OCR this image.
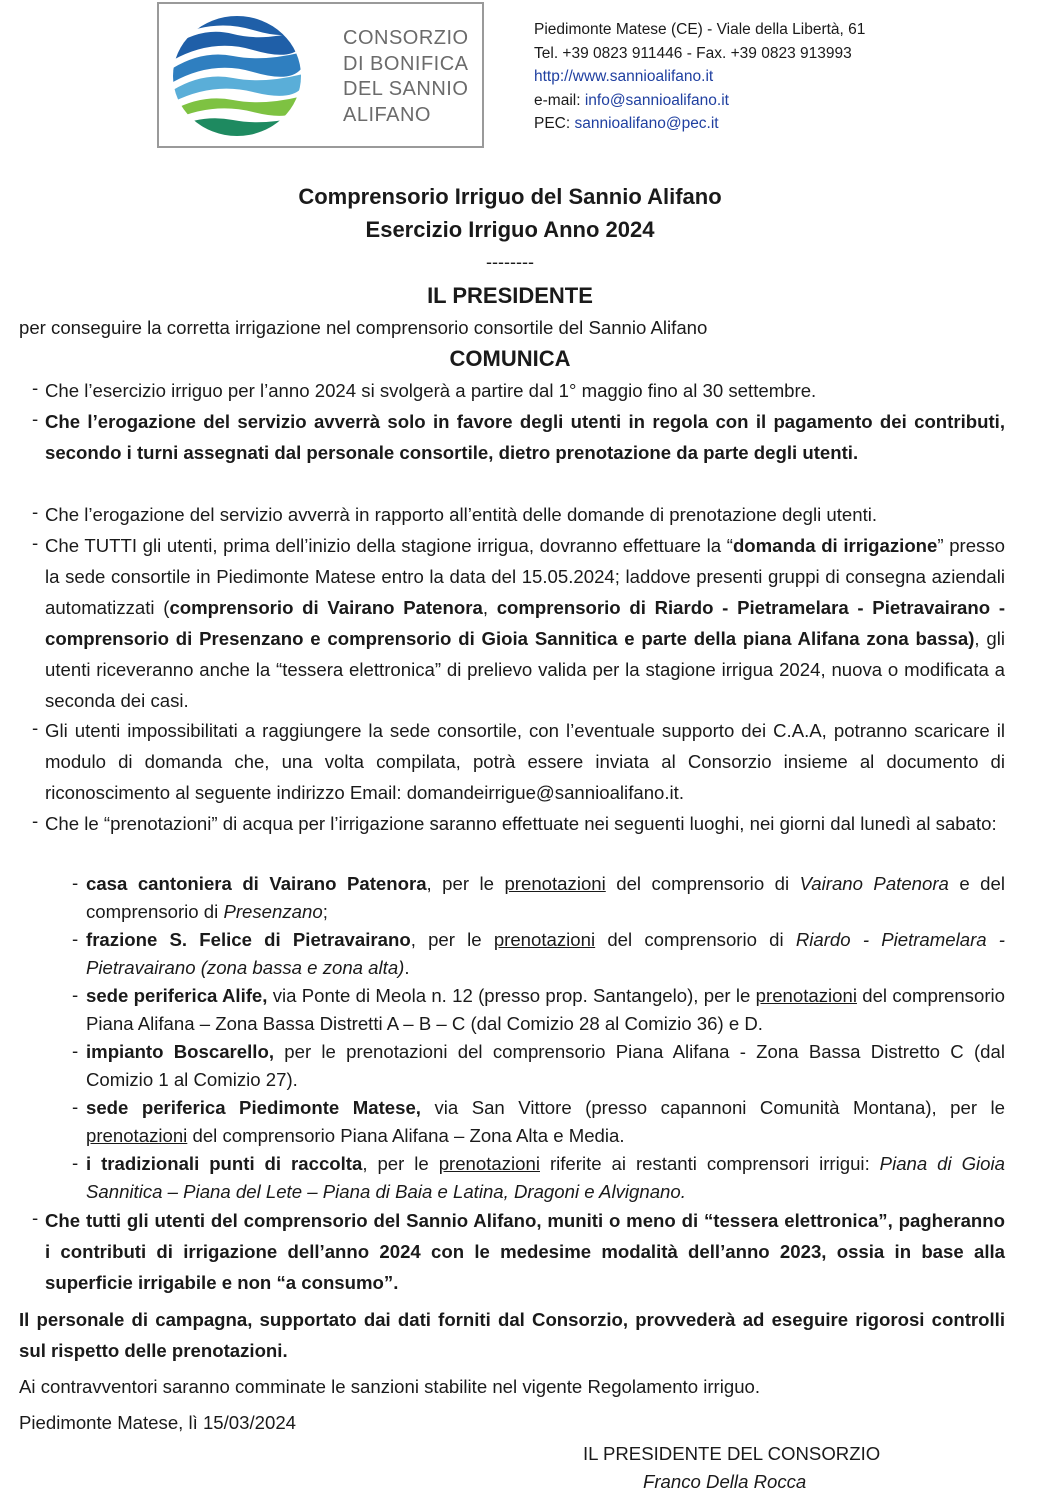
CONSORZIO
DI BONIFICA
DEL SANNIO
ALIFANO
Piedimonte Matese (CE) - Viale della Libertà, 61
Tel. +39 0823 911446 - Fax. +39 0823 913993
http://www.sannioalifano.it
e-mail: info@sannioalifano.it
PEC: sannioalifano@pec.it
Comprensorio Irriguo del Sannio Alifano
Esercizio Irriguo Anno 2024
--------
IL PRESIDENTE
per conseguire la corretta irrigazione nel comprensorio consortile del Sannio Alifano
COMUNICA
- Che l’esercizio irriguo per l’anno 2024 si svolgerà a partire dal 1° maggio fino al 30 settembre.
- Che l’erogazione del servizio avverrà solo in favore degli utenti in regola con il pagamento dei contributi, secondo i turni assegnati dal personale consortile, dietro prenotazione da parte degli utenti.
- Che l’erogazione del servizio avverrà in rapporto all’entità delle domande di prenotazione degli utenti.
- Che TUTTI gli utenti, prima dell’inizio della stagione irrigua, dovranno effettuare la “domanda di irrigazione” presso la sede consortile in Piedimonte Matese entro la data del 15.05.2024; laddove presenti gruppi di consegna aziendali automatizzati (comprensorio di Vairano Patenora, comprensorio di Riardo - Pietramelara - Pietravairano - comprensorio di Presenzano e comprensorio di Gioia Sannitica e parte della piana Alifana zona bassa), gli utenti riceveranno anche la “tessera elettronica” di prelievo valida per la stagione irrigua 2024, nuova o modificata a seconda dei casi.
- Gli utenti impossibilitati a raggiungere la sede consortile, con l’eventuale supporto dei C.A.A, potranno scaricare il modulo di domanda che, una volta compilata, potrà essere inviata al Consorzio insieme al documento di riconoscimento al seguente indirizzo Email: domandeirrigue@sannioalifano.it.
- Che le “prenotazioni” di acqua per l’irrigazione saranno effettuate nei seguenti luoghi, nei giorni dal lunedì al sabato:
- casa cantoniera di Vairano Patenora, per le prenotazioni del comprensorio di Vairano Patenora e del comprensorio di Presenzano;
- frazione S. Felice di Pietravairano, per le prenotazioni del comprensorio di Riardo - Pietramelara - Pietravairano (zona bassa e zona alta).
- sede periferica Alife, via Ponte di Meola n. 12 (presso prop. Santangelo), per le prenotazioni del comprensorio Piana Alifana – Zona Bassa Distretti A – B – C (dal Comizio 28 al Comizio 36) e D.
- impianto Boscarello, per le prenotazioni del comprensorio Piana Alifana - Zona Bassa Distretto C (dal Comizio 1 al Comizio 27).
- sede periferica Piedimonte Matese, via San Vittore (presso capannoni Comunità Montana), per le prenotazioni del comprensorio Piana Alifana – Zona Alta e Media.
- i tradizionali punti di raccolta, per le prenotazioni riferite ai restanti comprensori irrigui: Piana di Gioia Sannitica – Piana del Lete – Piana di Baia e Latina, Dragoni e Alvignano.
- Che tutti gli utenti del comprensorio del Sannio Alifano, muniti o meno di “tessera elettronica”, pagheranno i contributi di irrigazione dell’anno 2024 con le medesime modalità dell’anno 2023, ossia in base alla superficie irrigabile e non “a consumo”.
Il personale di campagna, supportato dai dati forniti dal Consorzio, provvederà ad eseguire rigorosi controlli sul rispetto delle prenotazioni.
Ai contravventori saranno comminate le sanzioni stabilite nel vigente Regolamento irriguo.
Piedimonte Matese, lì 15/03/2024
IL PRESIDENTE DEL CONSORZIO
Franco Della Rocca
